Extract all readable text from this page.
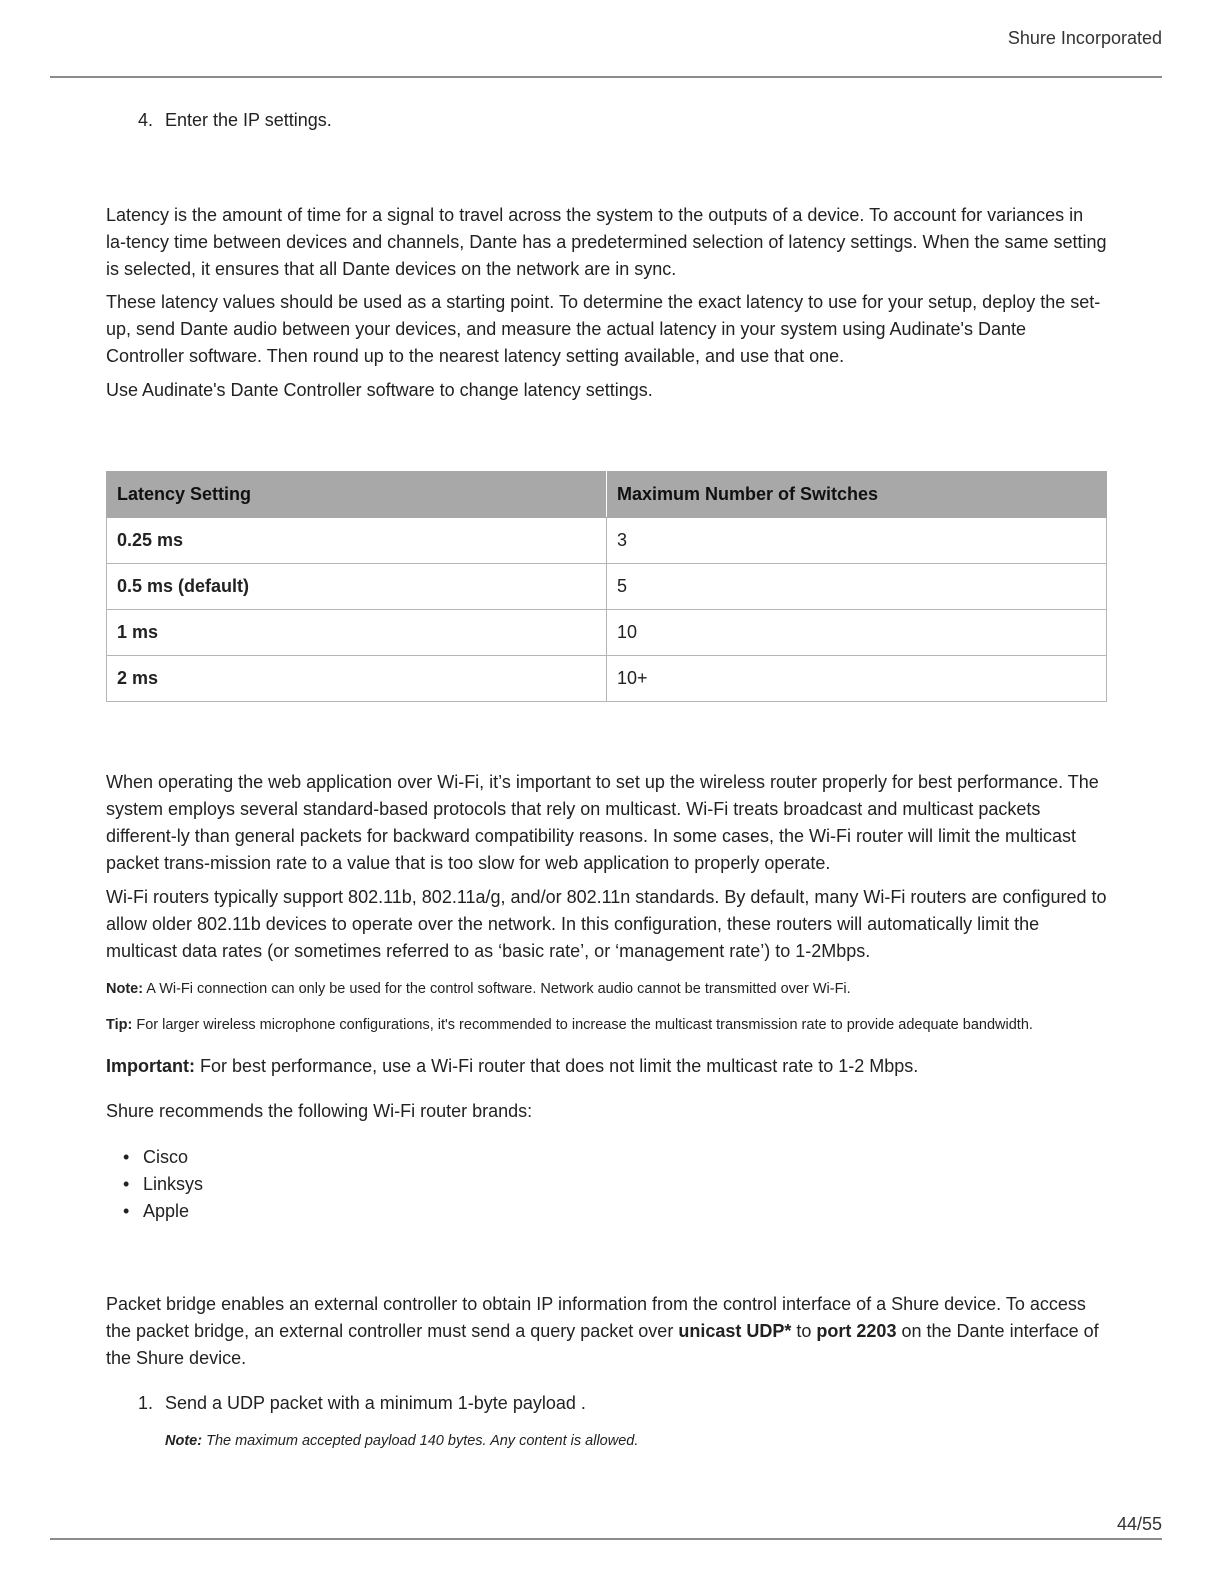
Shure Incorporated
4. Enter the IP settings.

Latency is the amount of time for a signal to travel across the system to the outputs of a device. To account for variances in la-tency time between devices and channels, Dante has a predetermined selection of latency settings. When the same setting is selected, it ensures that all Dante devices on the network are in sync.

These latency values should be used as a starting point. To determine the exact latency to use for your setup, deploy the set-up, send Dante audio between your devices, and measure the actual latency in your system using Audinate's Dante Controller software. Then round up to the nearest latency setting available, and use that one.

Use Audinate's Dante Controller software to change latency settings.

Latency Setting	Maximum Number of Switches
0.25 ms	3
0.5 ms (default)	5
1 ms	10
2 ms	10+

When operating the web application over Wi-Fi, it’s important to set up the wireless router properly for best performance. The system employs several standard-based protocols that rely on multicast. Wi-Fi treats broadcast and multicast packets different-ly than general packets for backward compatibility reasons. In some cases, the Wi-Fi router will limit the multicast packet trans-mission rate to a value that is too slow for web application to properly operate.

Wi-Fi routers typically support 802.11b, 802.11a/g, and/or 802.11n standards. By default, many Wi-Fi routers are configured to allow older 802.11b devices to operate over the network. In this configuration, these routers will automatically limit the multicast data rates (or sometimes referred to as ‘basic rate’, or ‘management rate’) to 1-2Mbps.

Note: A Wi-Fi connection can only be used for the control software. Network audio cannot be transmitted over Wi-Fi.
Tip: For larger wireless microphone configurations, it's recommended to increase the multicast transmission rate to provide adequate bandwidth.

Important: For best performance, use a Wi-Fi router that does not limit the multicast rate to 1-2 Mbps.

Shure recommends the following Wi-Fi router brands:

• Cisco
• Linksys
• Apple

Packet bridge enables an external controller to obtain IP information from the control interface of a Shure device. To access the packet bridge, an external controller must send a query packet over unicast UDP* to port 2203 on the Dante interface of the Shure device.

1. Send a UDP packet with a minimum 1-byte payload .
Note: The maximum accepted payload 140 bytes. Any content is allowed.
44/55
